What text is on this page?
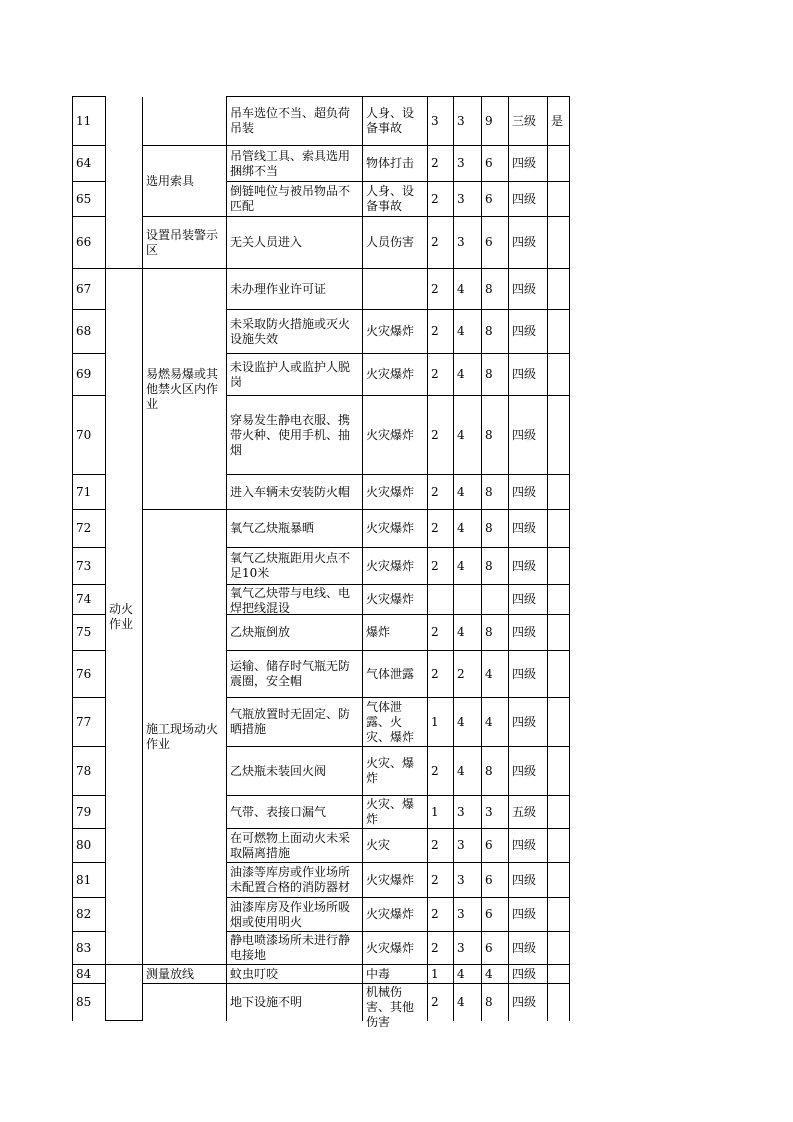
11			吊车选位不当、超负荷吊装	人身、设备事故	3	3	9	三级	是

64		选用索具	吊管线工具、索具选用捆绑不当	物体打击	2	3	6	四级	

65			倒链吨位与被吊物品不匹配	人身、设备事故	2	3	6	四级	

66		设置吊装警示区	无关人员进入	人员伤害	2	3	6	四级	

67	动火作业	易燃易爆或其他禁火区内作业	未办理作业许可证		2	4	8	四级	

68			未采取防火措施或灭火设施失效	火灾爆炸	2	4	8	四级	

69			未设监护人或监护人脱岗	火灾爆炸	2	4	8	四级	

70			穿易发生静电衣服、携带火种、使用手机、抽烟	火灾爆炸	2	4	8	四级	

71			进入车辆未安装防火帽	火灾爆炸	2	4	8	四级	

72		施工现场动火作业	氧气乙炔瓶暴晒	火灾爆炸	2	4	8	四级	

73			氧气乙炔瓶距用火点不足10米	火灾爆炸	2	4	8	四级	

74			氧气乙炔带与电线、电焊把线混设	火灾爆炸				四级	

75			乙炔瓶倒放	爆炸	2	4	8	四级	

76			运输、储存时气瓶无防震圈，安全帽	气体泄露	2	2	4	四级	

77			气瓶放置时无固定、防晒措施	气体泄露、火灾、爆炸	1	4	4	四级	

78			乙炔瓶未装回火阀	火灾、爆炸	2	4	8	四级	

79			气带、表接口漏气	火灾、爆炸	1	3	3	五级	

80			在可燃物上面动火未采取隔离措施	火灾	2	3	6	四级	

81			油漆等库房或作业场所未配置合格的消防器材	火灾爆炸	2	3	6	四级	

82			油漆库房及作业场所吸烟或使用明火	火灾爆炸	2	3	6	四级	

83			静电喷漆场所未进行静电接地	火灾爆炸	2	3	6	四级	

84		测量放线	蚊虫叮咬	中毒	1	4	4	四级	

85			地下设施不明	机械伤害、其他伤害	2	4	8	四级	
